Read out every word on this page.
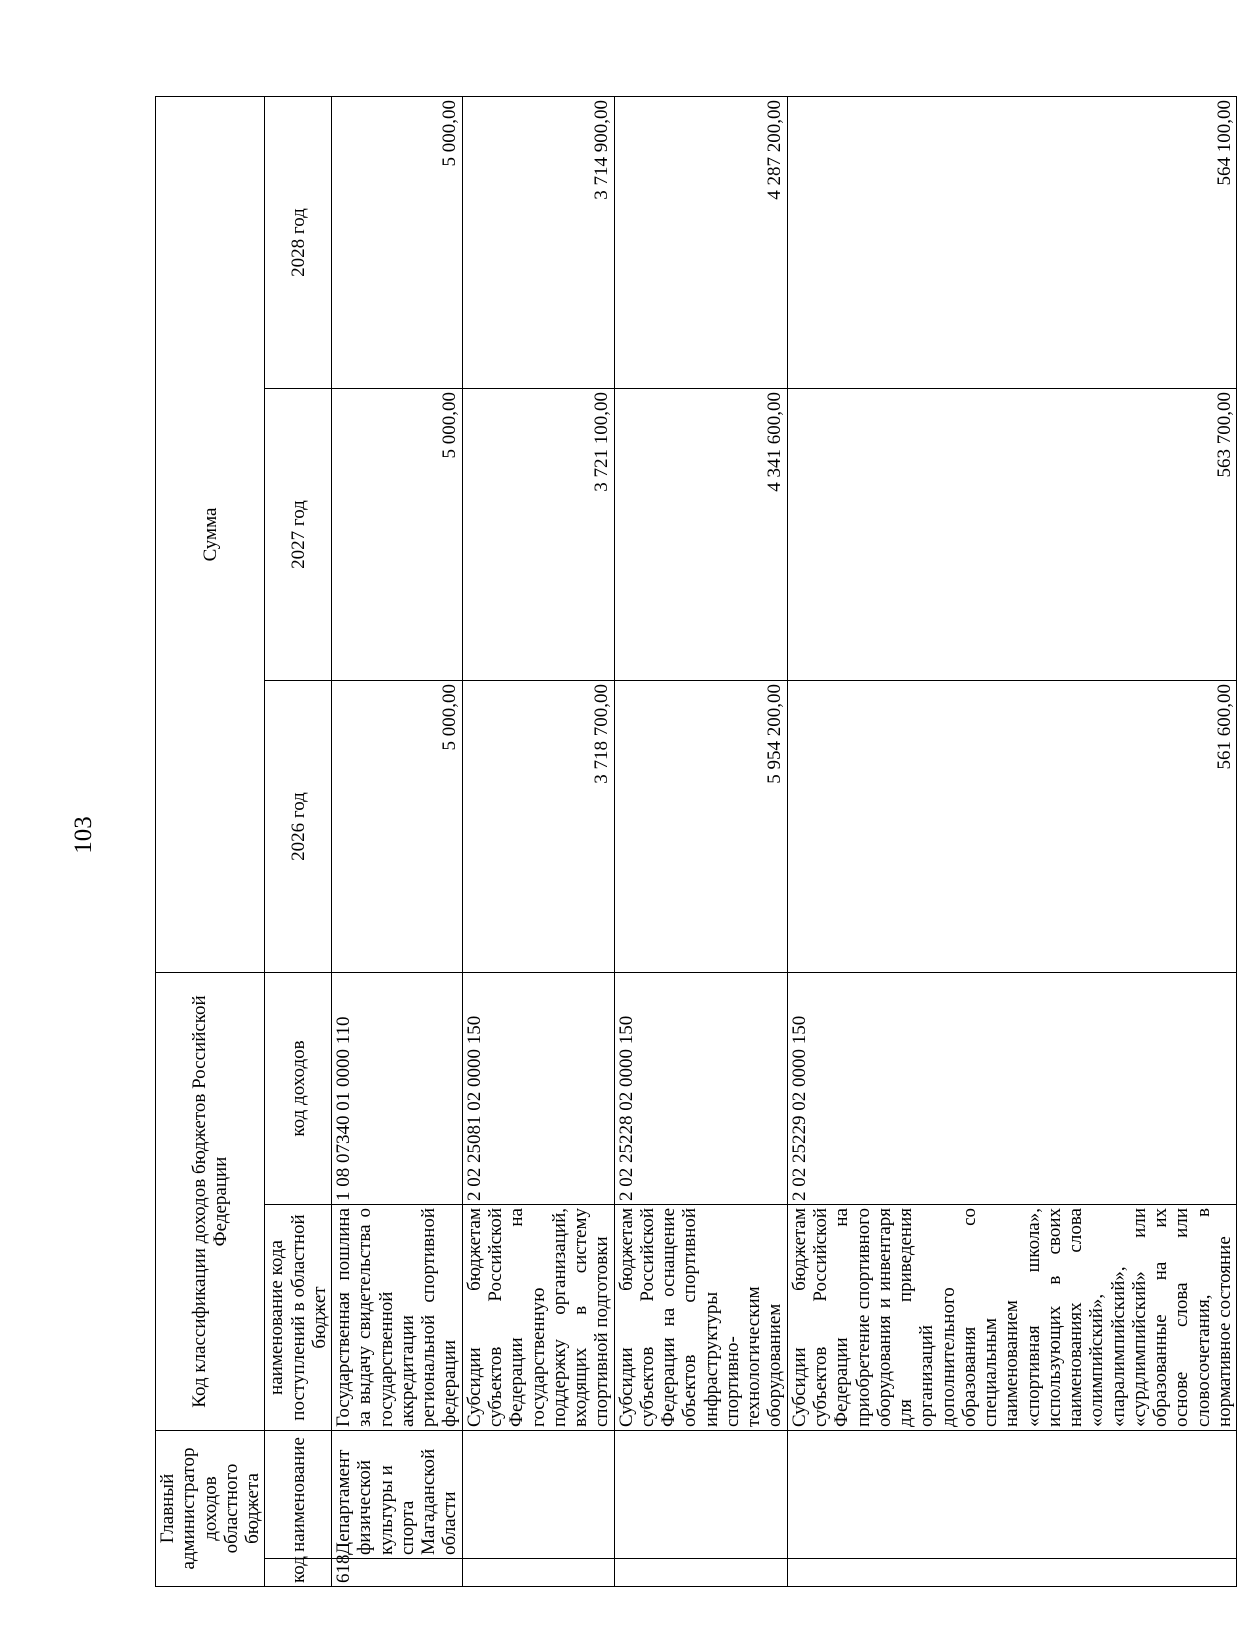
103
Главный администратор доходов областного бюджета		Код классификации доходов бюджетов Российской Федерации		Сумма		
код	наименование	наименование кода поступлений в областной бюджет	код доходов	2026 год	2027 год	2028 год
618	Департамент физической культуры и спорта Магаданской области	Государственная пошлина за выдачу свидетельства о государственной аккредитации региональной спортивной федерации	1 08 07340 01 0000 110	5 000,00	5 000,00	5 000,00
		Субсидии бюджетам субъектов Российской Федерации на государственную поддержку организаций, входящих в систему спортивной подготовки	2 02 25081 02 0000 150	3 718 700,00	3 721 100,00	3 714 900,00
		Субсидии бюджетам субъектов Российской Федерации на оснащение объектов спортивной инфраструктуры спортивно-технологическим оборудованием	2 02 25228 02 0000 150	5 954 200,00	4 341 600,00	4 287 200,00
		Субсидии бюджетам субъектов Российской Федерации на приобретение спортивного оборудования и инвентаря для приведения организаций дополнительного образования со специальным наименованием «спортивная школа», использующих в своих наименованиях слова «олимпийский», «паралимпийский», «сурдлимпийский» или образованные на их основе слова или словосочетания, в нормативное состояние	2 02 25229 02 0000 150	561 600,00	563 700,00	564 100,00
